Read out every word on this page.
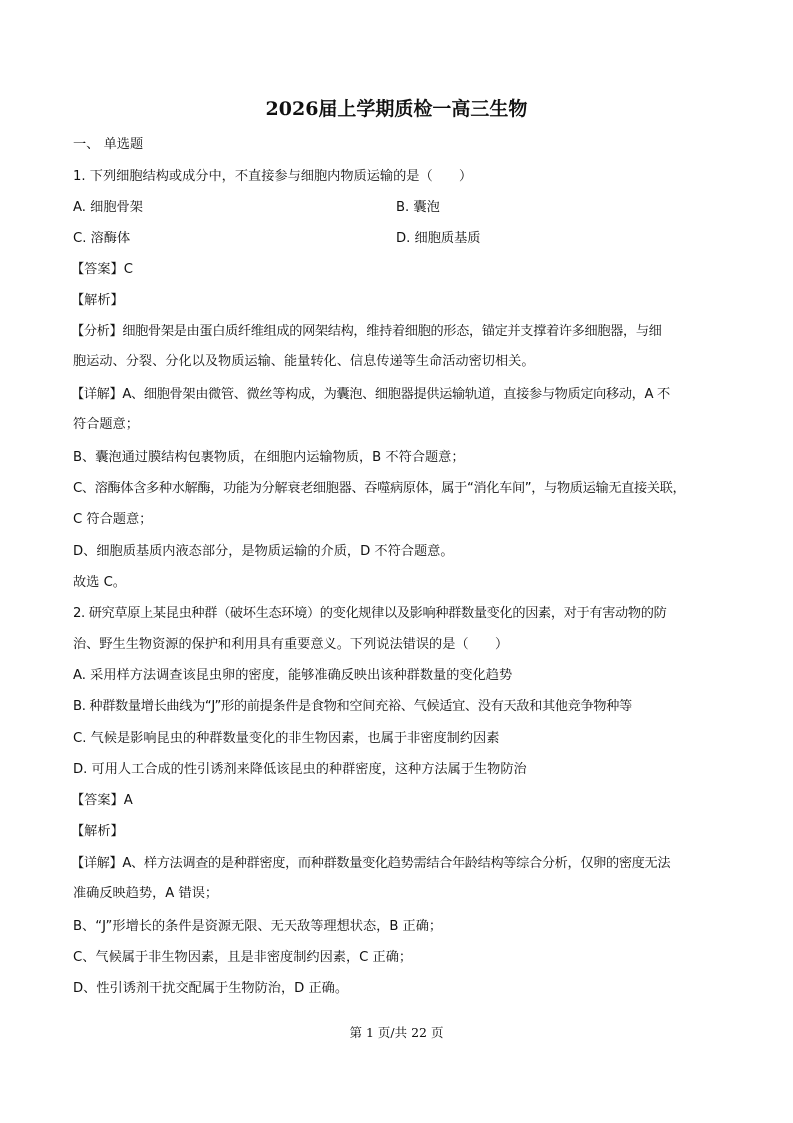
2026届上学期质检一高三生物
一、 单选题
1. 下列细胞结构或成分中，不直接参与细胞内物质运输的是（　　）
A. 细胞骨架	B. 囊泡
C. 溶酶体	D. 细胞质基质
【答案】C
【解析】
【分析】细胞骨架是由蛋白质纤维组成的网架结构，维持着细胞的形态，锚定并支撑着许多细胞器，与细
胞运动、分裂、分化以及物质运输、能量转化、信息传递等生命活动密切相关。
【详解】A、细胞骨架由微管、微丝等构成，为囊泡、细胞器提供运输轨道，直接参与物质定向移动，A 不
符合题意；
B、囊泡通过膜结构包裹物质，在细胞内运输物质，B 不符合题意；
C、溶酶体含多种水解酶，功能为分解衰老细胞器、吞噬病原体，属于“消化车间”，与物质运输无直接关联，
C 符合题意；
D、细胞质基质内液态部分，是物质运输的介质，D 不符合题意。
故选 C。
2. 研究草原上某昆虫种群（破坏生态环境）的变化规律以及影响种群数量变化的因素，对于有害动物的防
治、野生生物资源的保护和利用具有重要意义。下列说法错误的是（　　）
A. 采用样方法调查该昆虫卵的密度，能够准确反映出该种群数量的变化趋势
B. 种群数量增长曲线为“J”形的前提条件是食物和空间充裕、气候适宜、没有天敌和其他竞争物种等
C. 气候是影响昆虫的种群数量变化的非生物因素，也属于非密度制约因素
D. 可用人工合成的性引诱剂来降低该昆虫的种群密度，这种方法属于生物防治
【答案】A
【解析】
【详解】A、样方法调查的是种群密度，而种群数量变化趋势需结合年龄结构等综合分析，仅卵的密度无法
准确反映趋势，A 错误；
B、“J”形增长的条件是资源无限、无天敌等理想状态，B 正确；
C、气候属于非生物因素，且是非密度制约因素，C 正确；
D、性引诱剂干扰交配属于生物防治，D 正确。
第 1 页/共 22 页
